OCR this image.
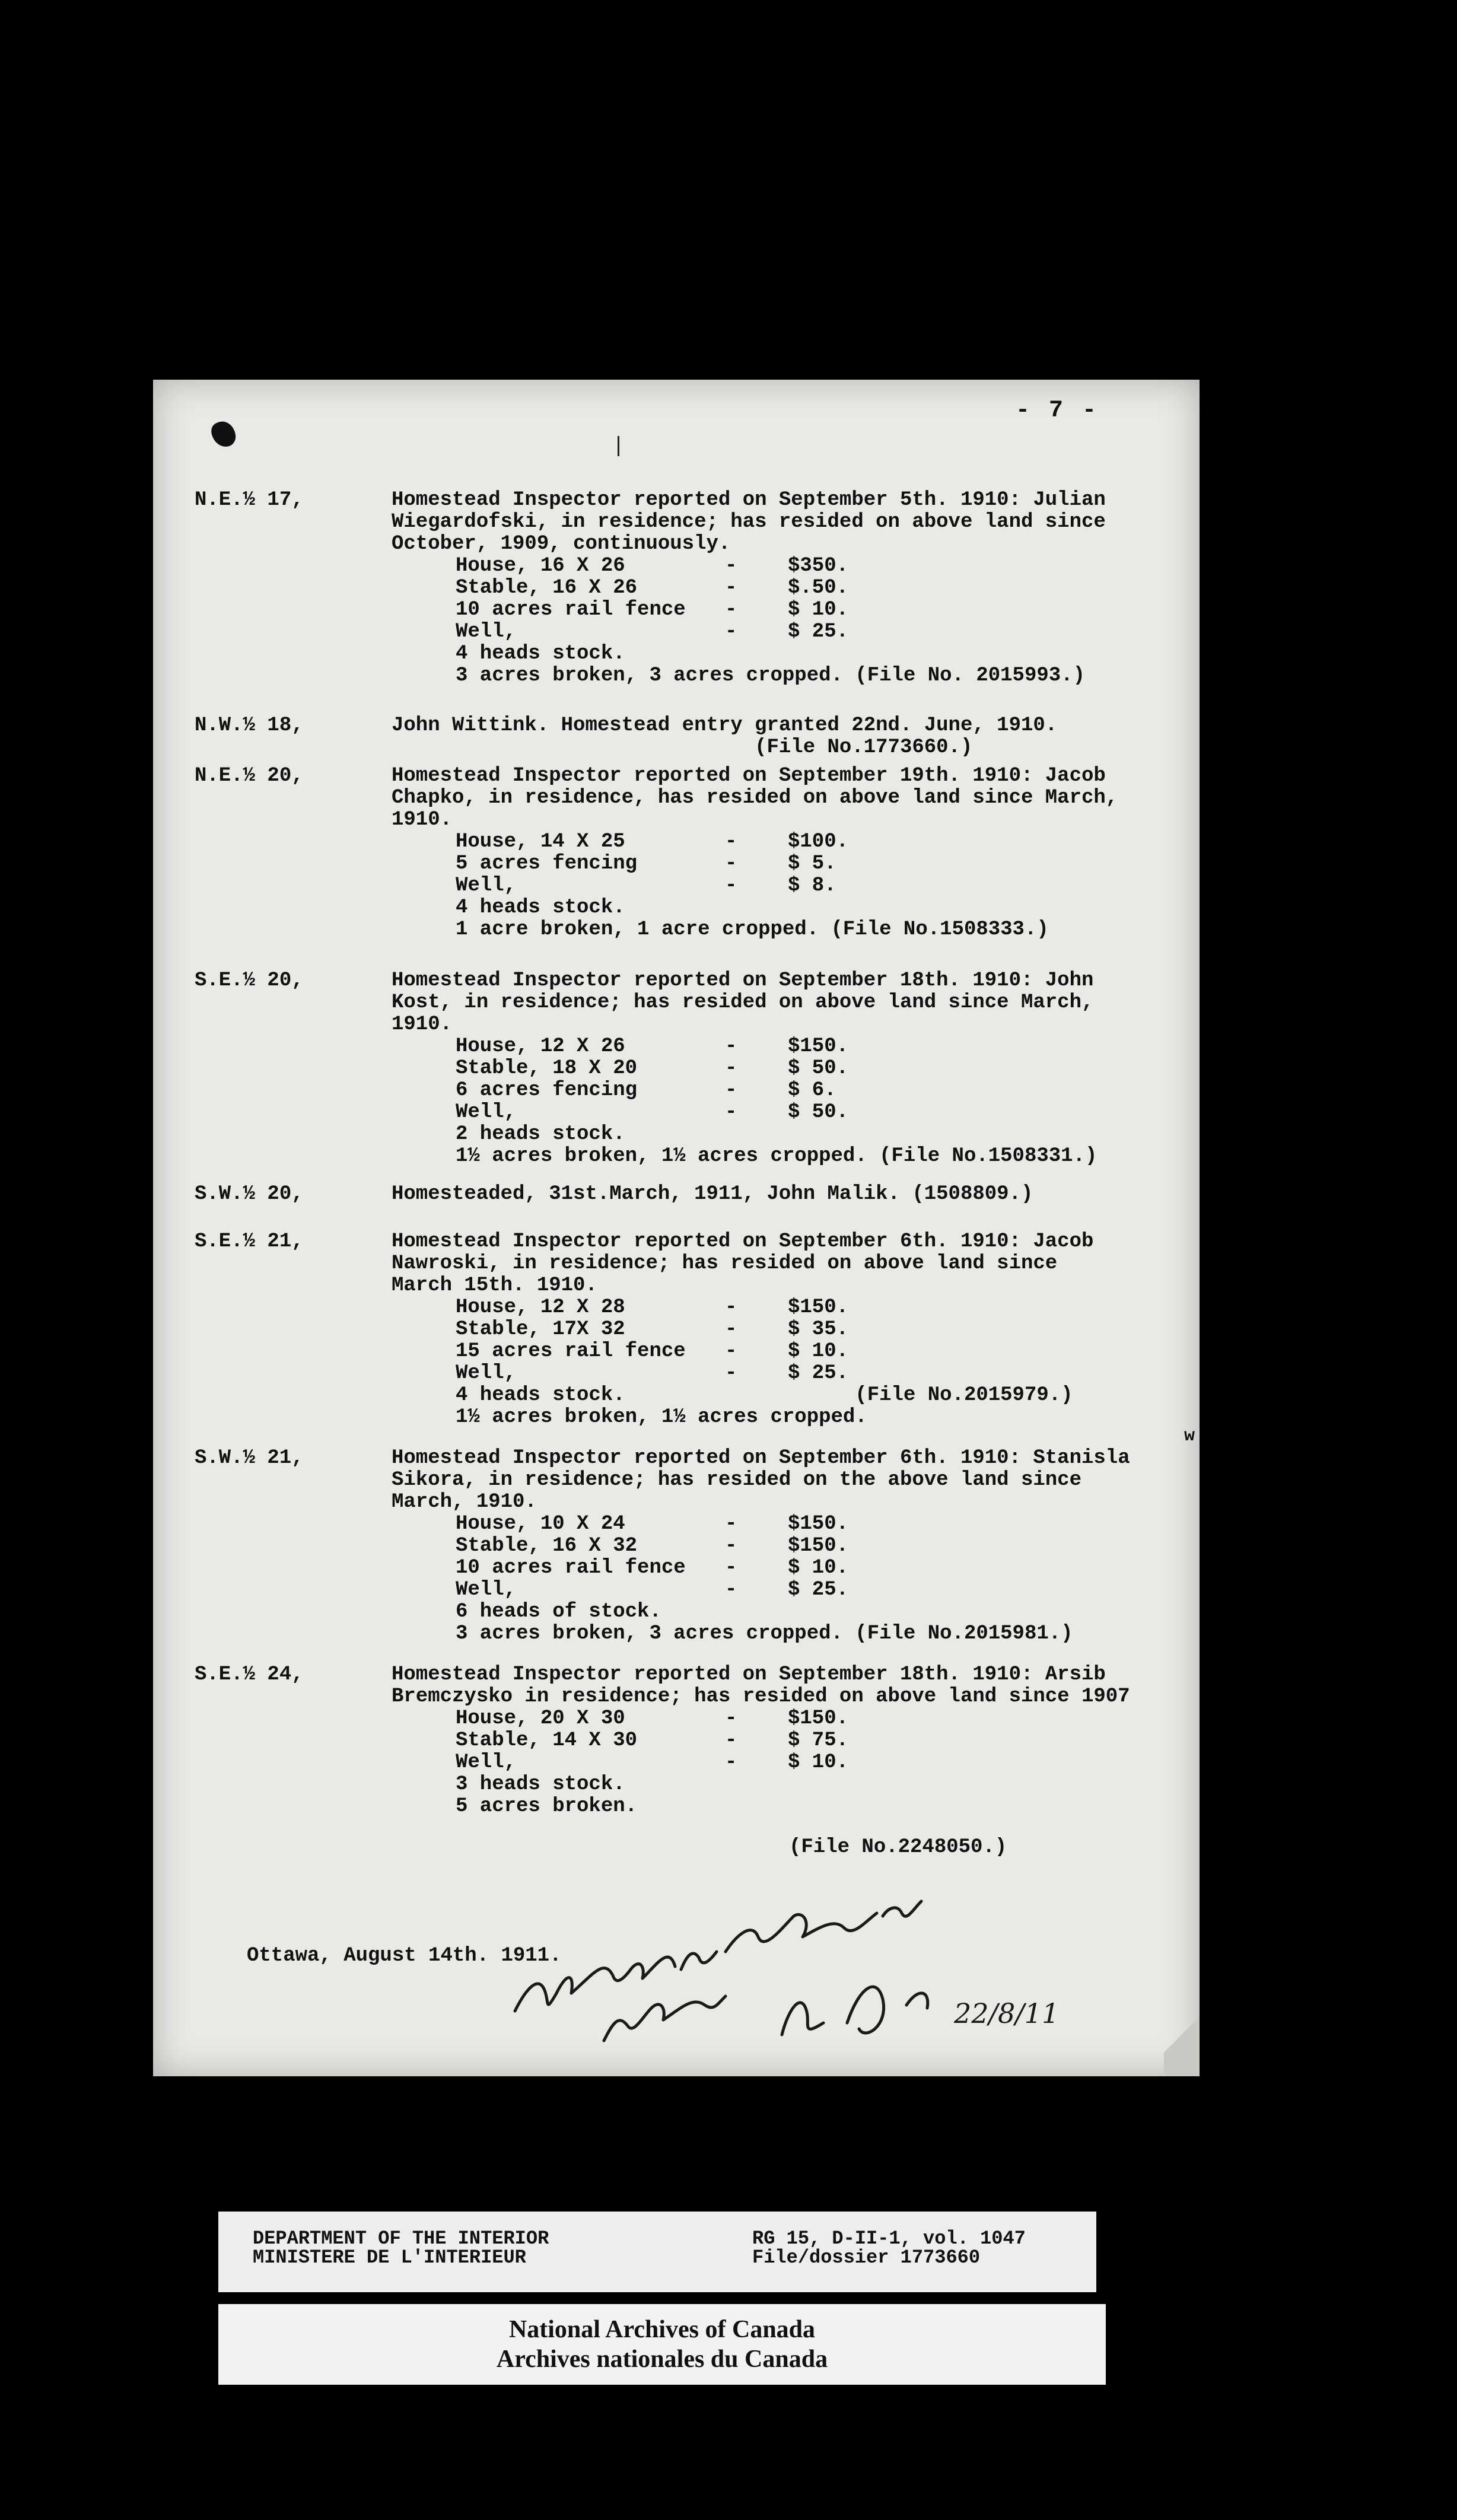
- 7 -
N.E.½ 17,	Homestead Inspector reported on September 5th. 1910: Julian
Wiegardofski, in residence; has resided on above land since
October, 1909, continuously.
House, 16 X 26	-	$350.
Stable, 16 X 26	-	$.50.
10 acres rail fence -	$ 10.
Well,	-	$ 25.
4 heads stock.
3 acres broken, 3 acres cropped. (File No. 2015993.)
N.W.½ 18,	John Wittink. Homestead entry granted 22nd. June, 1910.
(File No.1773660.)
N.E.½ 20,	Homestead Inspector reported on September 19th. 1910: Jacob
Chapko, in residence, has resided on above land since March,
1910.
House, 14 X 25	-	$100.
5 acres fencing	-	$ 5.
Well,	-	$ 8.
4 heads stock.
1 acre broken, 1 acre cropped. (File No.1508333.)
S.E.½ 20,	Homestead Inspector reported on September 18th. 1910: John
Kost, in residence; has resided on above land since March,
1910.
House, 12 X 26	-	$150.
Stable, 18 X 20	-	$ 50.
6 acres fencing	-	$ 6.
Well,	-	$ 50.
2 heads stock.
1½ acres broken, 1½ acres cropped. (File No.1508331.)
S.W.½ 20,	Homesteaded, 31st.March, 1911, John Malik. (1508809.)
S.E.½ 21,	Homestead Inspector reported on September 6th. 1910: Jacob
Nawroski, in residence; has resided on above land since
March 15th. 1910.
House, 12 X 28	-	$150.
Stable, 17X 32	-	$ 35.
15 acres rail fence -	$ 10.
Well,	-	$ 25.
4 heads stock.                   (File No.2015979.)
1½ acres broken, 1½ acres cropped.
S.W.½ 21,	Homestead Inspector reported on September 6th. 1910: Stanisla
Sikora, in residence; has resided on the above land since
March, 1910.
House, 10 X 24	-	$150.
Stable, 16 X 32	-	$150.
10 acres rail fence -	$ 10.
Well,	-	$ 25.
6 heads of stock.
3 acres broken, 3 acres cropped. (File No.2015981.)
S.E.½ 24,	Homestead Inspector reported on September 18th. 1910: Arsib
Bremczysko in residence; has resided on above land since 1907
House, 20 X 30	-	$150.
Stable, 14 X 30	-	$ 75.
Well,	-	$ 10.
3 heads stock.
5 acres broken.
(File No.2248050.)
w
Ottawa, August 14th. 1911.
22/8/11
DEPARTMENT OF THE INTERIOR
MINISTERE DE L'INTERIEUR
RG 15, D-II-1, vol. 1047
File/dossier 1773660
National Archives of Canada
Archives nationales du Canada
